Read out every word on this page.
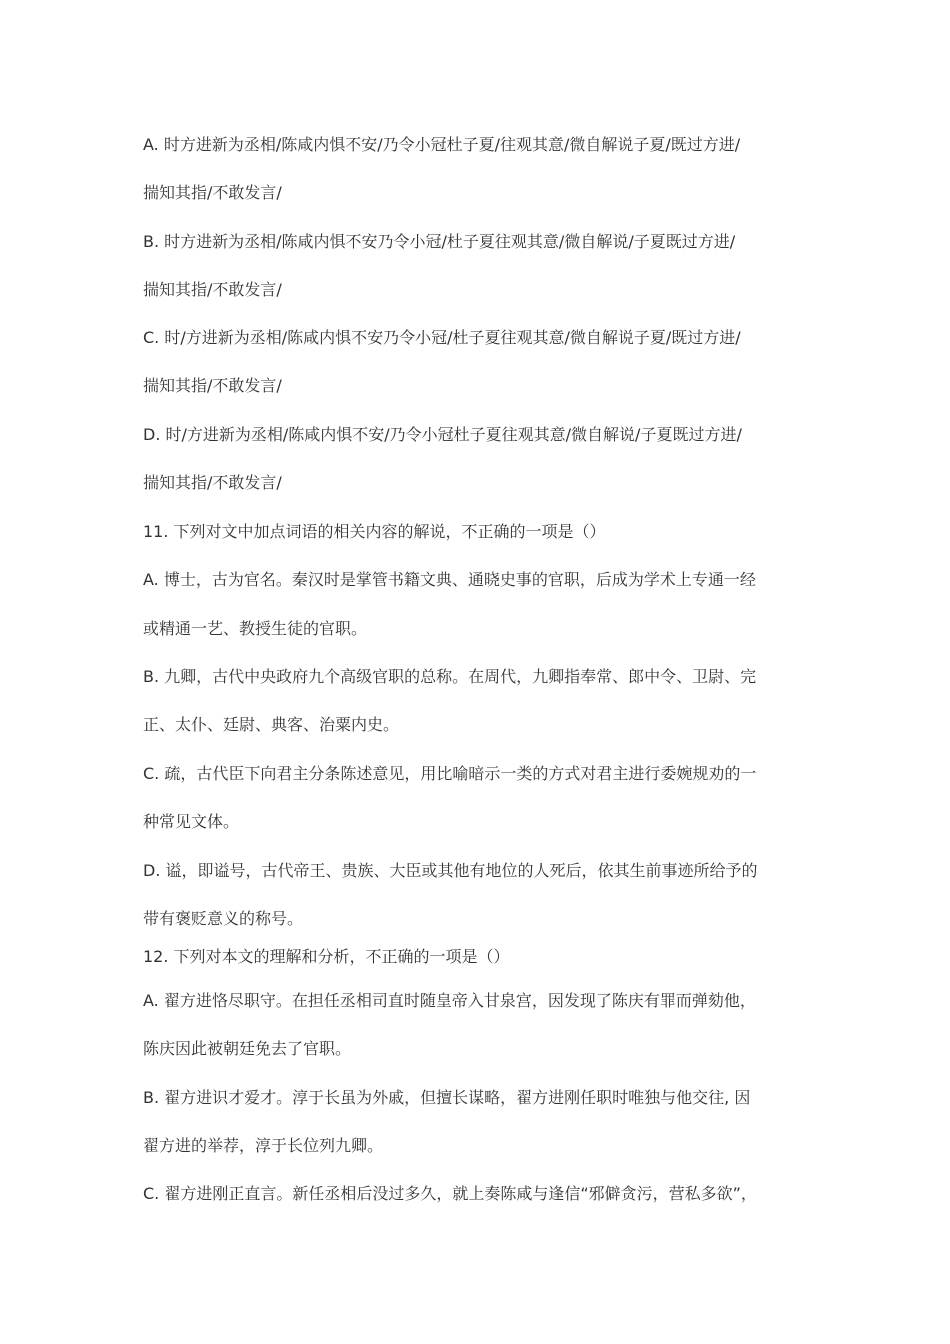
A. 时方进新为丞相/陈咸内惧不安/乃令小冠杜子夏/往观其意/微自解说子夏/既过方进/
揣知其指/不敢发言/
B. 时方进新为丞相/陈咸内惧不安乃令小冠/杜子夏往观其意/微自解说/子夏既过方进/
揣知其指/不敢发言/
C. 时/方进新为丞相/陈咸内惧不安乃令小冠/杜子夏往观其意/微自解说子夏/既过方进/
揣知其指/不敢发言/
D. 时/方进新为丞相/陈咸内惧不安/乃令小冠杜子夏往观其意/微自解说/子夏既过方进/
揣知其指/不敢发言/
11. 下列对文中加点词语的相关内容的解说，不正确的一项是（）
A. 博士，古为官名。秦汉时是掌管书籍文典、通晓史事的官职，后成为学术上专通一经
或精通一艺、教授生徒的官职。
B. 九卿，古代中央政府九个高级官职的总称。在周代，九卿指奉常、郎中令、卫尉、完
正、太仆、廷尉、典客、治粟内史。
C. 疏，古代臣下向君主分条陈述意见，用比喻暗示一类的方式对君主进行委婉规劝的一
种常见文体。
D. 谥，即谥号，古代帝王、贵族、大臣或其他有地位的人死后，依其生前事迹所给予的
带有褒贬意义的称号。
12. 下列对本文的理解和分析，不正确的一项是（）
A. 翟方进恪尽职守。在担任丞相司直时随皇帝入甘泉宫，因发现了陈庆有罪而弹劾他，
陈庆因此被朝廷免去了官职。
B. 翟方进识才爱才。淳于长虽为外戚，但擅长谋略，翟方进刚任职时唯独与他交往, 因
翟方进的举荐，淳于长位列九卿。
C. 翟方进刚正直言。新任丞相后没过多久，就上奏陈咸与逢信“邪僻贪污，营私多欲”，
